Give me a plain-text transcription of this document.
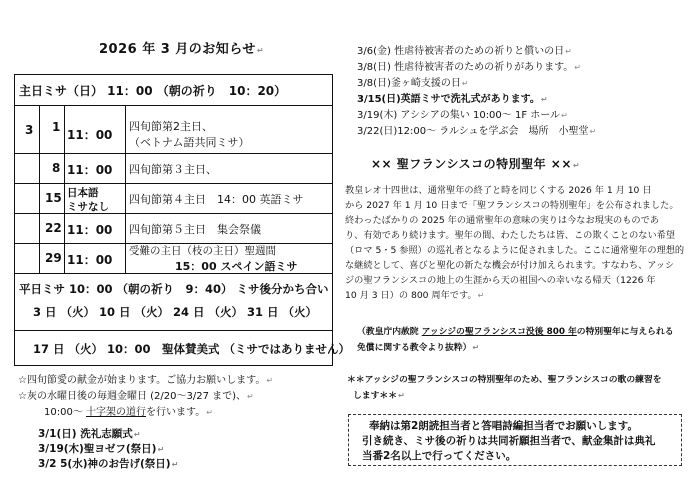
2026 年 3 月のお知らせ↵
主日ミサ（日） 11：00 （朝の祈り　10：20）
3 1
11：00
四旬節第2主日、
（ベトナム語共同ミサ）
8 11：00 四旬節第３主日、
15 日本語
ミサなし
四旬節第４主日　14：00 英語ミサ
22 11：00 四旬節第５主日　集会祭儀
29 11：00
受難の主日（枝の主日）聖週間
15：00 スペイン語ミサ
平日ミサ 10：00 （朝の祈り　9：40） ミサ後分かち合い
3 日 （火） 10 日 （火） 24 日 （火） 31 日 （火）
17 日 （火） 10：00　聖体賛美式 （ミサではありません）
☆四旬節愛の献金が始まります。ご協力お願いします。↵
☆灰の水曜日後の毎週金曜日 (2/20～3/27 まで)、↵
10:00～ 十字架の道行を行います。↵
3/1(日) 洗礼志願式↵
3/19(木)聖ヨゼフ(祭日)↵
3/2 5(水)神のお告げ(祭日)↵
3/6(金) 性虐待被害者のための祈りと償いの日↵
3/8(日) 性虐待被害者のための祈りがあります。↵
3/8(日)釜ヶ崎支援の日↵
3/15(日)英語ミサで洗礼式があります。↵
3/19(木) アシシアの集い 10:00～ 1F ホール↵
3/22(日)12:00～ ラルシュを学ぶ会　場所　小聖堂↵
×× 聖フランシスコの特別聖年 ××↵
教皇レオ十四世は、通常聖年の終了と時を同じくする 2026 年 1 月 10 日
から 2027 年 1 月 10 日まで「聖フランシスコの特別聖年」を公布されました。
終わったばかりの 2025 年の通常聖年の意味の実りは今なお現実のものであ
り、有効であり続けます。聖年の間、わたしたちは皆、この欺くことのない希望
（ロマ 5・5 参照）の巡礼者となるように促されました。ここに通常聖年の理想的
な継続として、喜びと聖化の新たな機会が付け加えられます。すなわち、アッシ
ジの聖フランシスコの地上の生涯から天の祖国への幸いなる帰天（1226 年
10 月 3 日）の 800 周年です。↵
（教皇庁内赦院 アッシジの聖フランシスコ没後 800 年の特別聖年に与えられる
免償に関する教令より抜粋）↵
＊＊アッシジの聖フランシスコの特別聖年のため、聖フランシスコの歌の練習を
します＊＊↵
奉納は第2朗読担当者と答唱詩編担当者でお願いします。
引き続き、ミサ後の祈りは共同祈願担当者で、献金集計は典礼
当番2名以上で行ってください。
